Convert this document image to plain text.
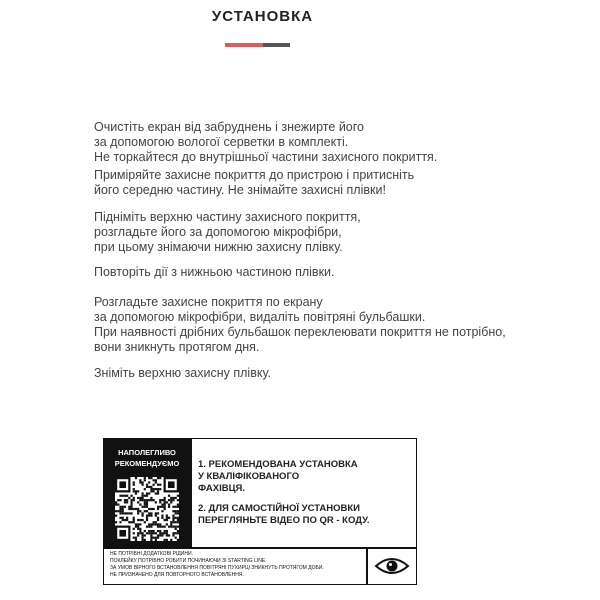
УСТАНОВКА

Очистіть екран від забруднень і знежирте його
за допомогою вологої серветки в комплекті.
Не торкайтеся до внутрішньої частини захисного покриття.

Приміряйте захисне покриття до пристрою і притисніть
його середню частину. Не знімайте захисні плівки!

Підніміть верхню частину захисного покриття,
розгладьте його за допомогою мікрофібри,
при цьому знімаючи нижню захисну плівку.

Повторіть дії з нижньою частиною плівки.

Розгладьте захисне покриття по екрану
за допомогою мікрофібри, видаліть повітряні бульбашки.
При наявності дрібних бульбашок переклеювати покриття не потрібно,
вони зникнуть протягом дня.

Зніміть верхню захисну плівку.

НАПОЛЕГЛИВО
РЕКОМЕНДУЄМО	1. РЕКОМЕНДОВАНА УСТАНОВКА
У КВАЛІФІКОВАНОГО
ФАХІВЦЯ.

2. ДЛЯ САМОСТІЙНОЇ УСТАНОВКИ
ПЕРЕГЛЯНЬТЕ ВІДЕО ПО QR - КОДУ.

НЕ ПОТРІБНІ ДОДАТКОВІ РІДИНИ.
ПОКЛЕЙКУ ПОТРІБНО РОБИТИ ПОЧИНАЮЧИ ЗІ STARTING LINE.
ЗА УМОВ ВІРНОГО ВСТАНОВЛЕННЯ ПОВІТРЯНІ ПУХИРЦІ ЗНИКНУТЬ ПРОТЯГОМ ДОБИ.
НЕ ПРИЗНАЧЕНО ДЛЯ ПОВТОРНОГО ВСТАНОВЛЕННЯ.
